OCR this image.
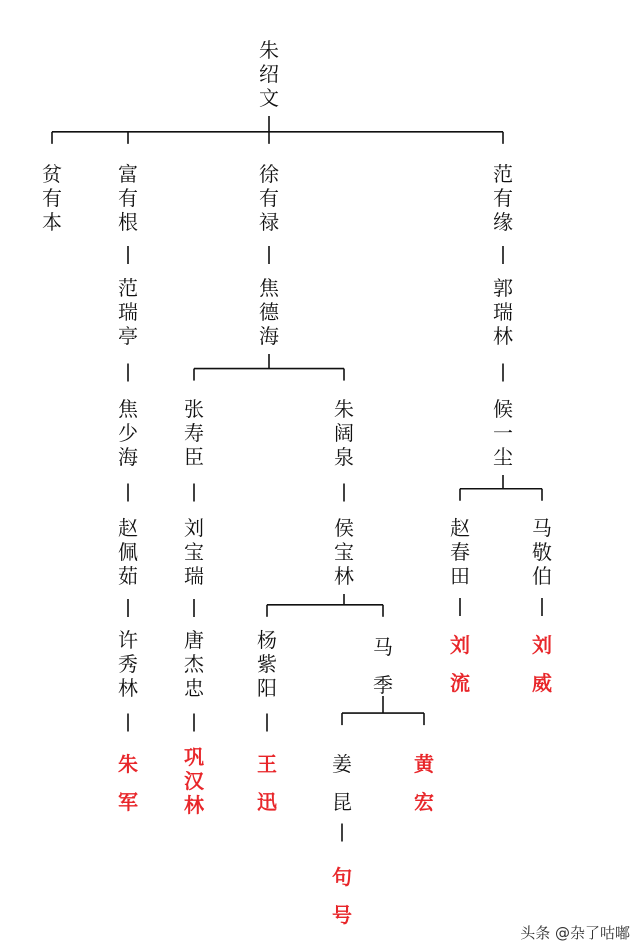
朱绍文
贫有本
富有根
徐有禄
范有缘
范瑞亭
焦德海
郭瑞林
焦少海
张寿臣
朱阔泉
候一尘
赵佩茹
刘宝瑞
侯宝林
赵春田
马敬伯
许秀林
唐杰忠
杨紫阳
马季
刘流
刘威
朱军
巩汉林
王迅
姜昆
黄宏
句号
头条 @杂了咕嘟
